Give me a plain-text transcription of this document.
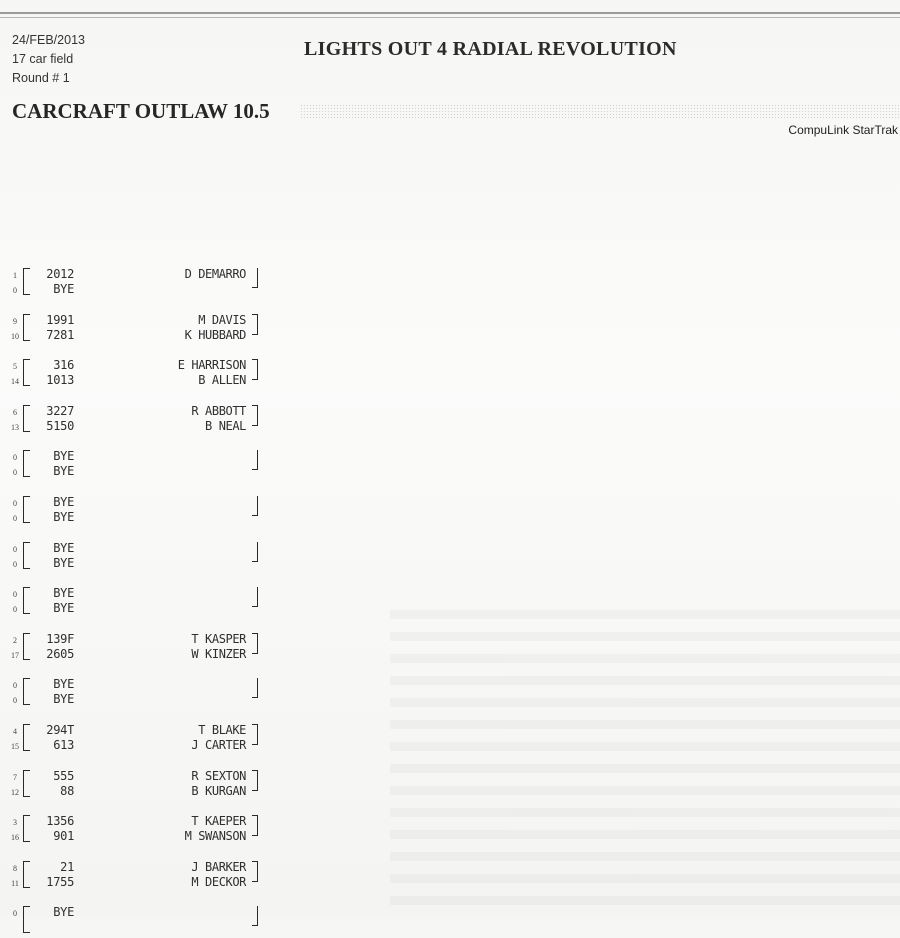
24/FEB/2013
17 car field
Round # 1
LIGHTS OUT 4 RADIAL REVOLUTION
CARCRAFT OUTLAW 10.5
CompuLink StarTrak
1
0
2012
BYE
D DEMARRO
9
10
1991
7281
M DAVIS
K HUBBARD
5
14
316
1013
E HARRISON
B ALLEN
6
13
3227
5150
R ABBOTT
B NEAL
0
0
BYE
BYE
0
0
BYE
BYE
0
0
BYE
BYE
0
0
BYE
BYE
2
17
139F
2605
T KASPER
W KINZER
0
0
BYE
BYE
4
15
294T
613
T BLAKE
J CARTER
7
12
555
88
R SEXTON
B KURGAN
3
16
1356
901
T KAEPER
M SWANSON
8
11
21
1755
J BARKER
M DECKOR
0	BYE
